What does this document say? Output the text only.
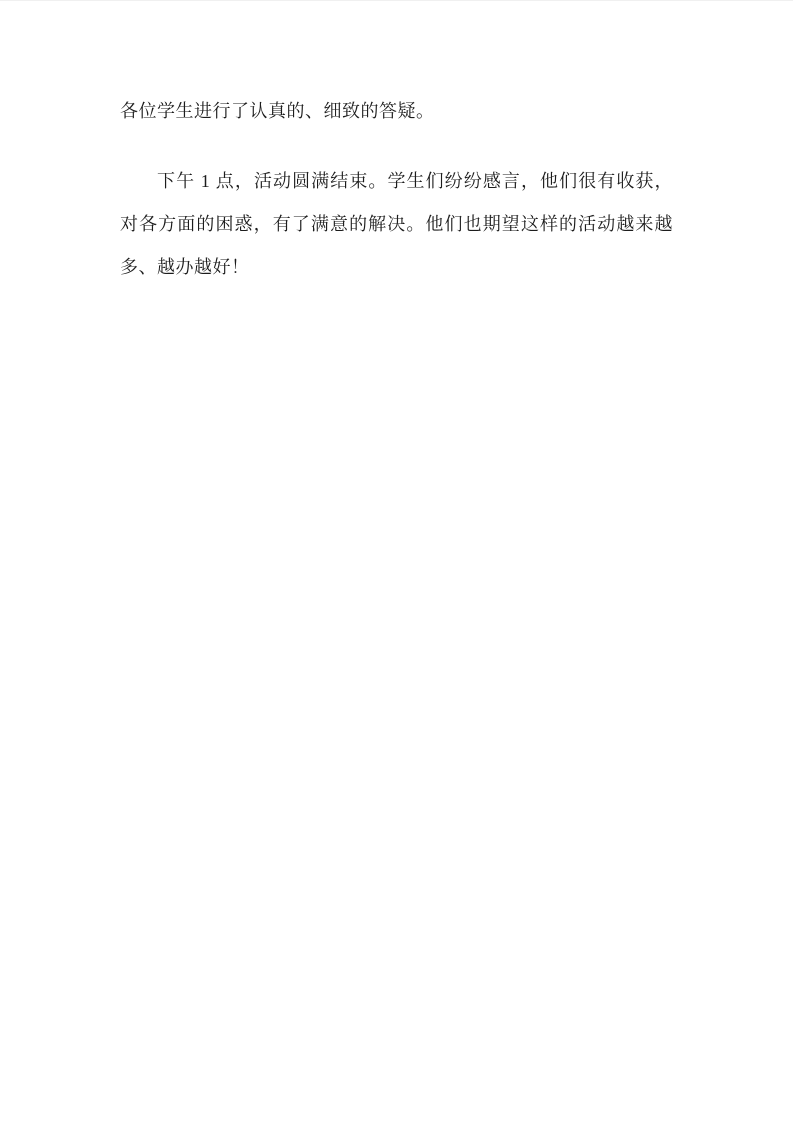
各位学生进行了认真的、细致的答疑。

下午 1 点，活动圆满结束。学生们纷纷感言，他们很有收获，对各方面的困惑，有了满意的解决。他们也期望这样的活动越来越多、越办越好！
